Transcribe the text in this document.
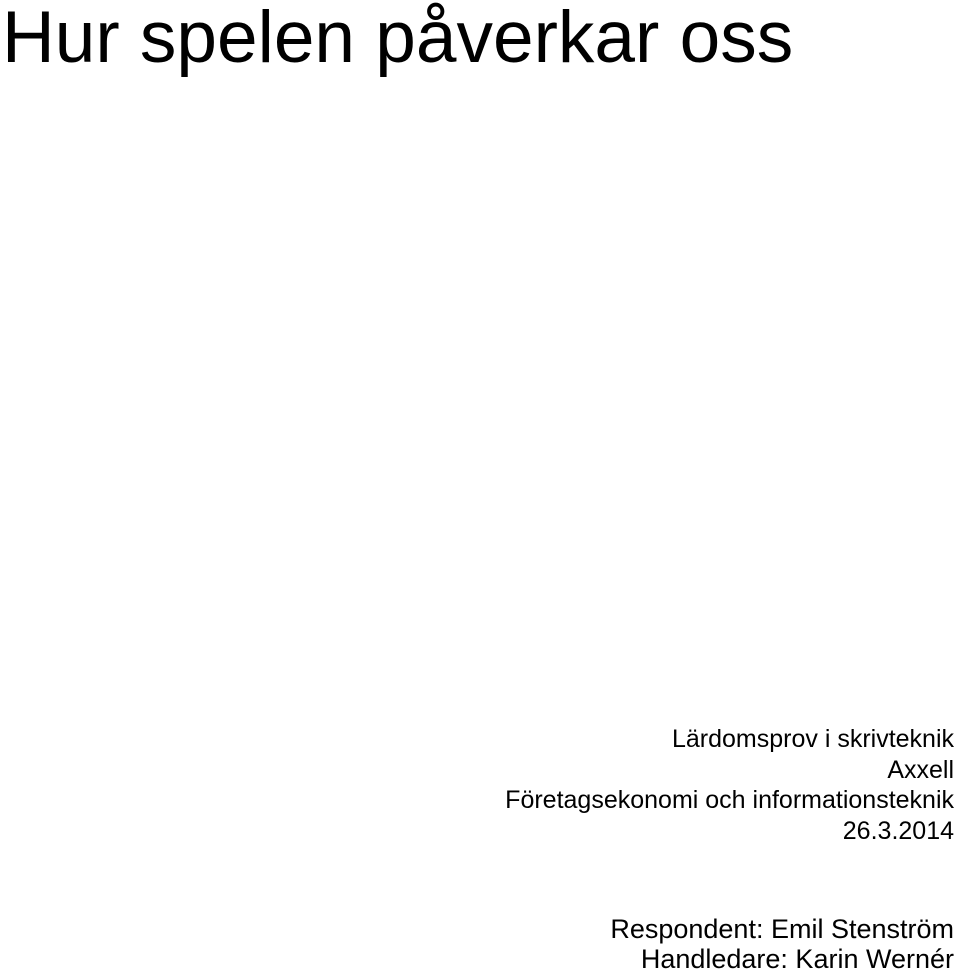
Hur spelen påverkar oss
Lärdomsprov i skrivteknik
Axxell
Företagsekonomi och informationsteknik
26.3.2014
Respondent: Emil Stenström
Handledare: Karin Wernér
